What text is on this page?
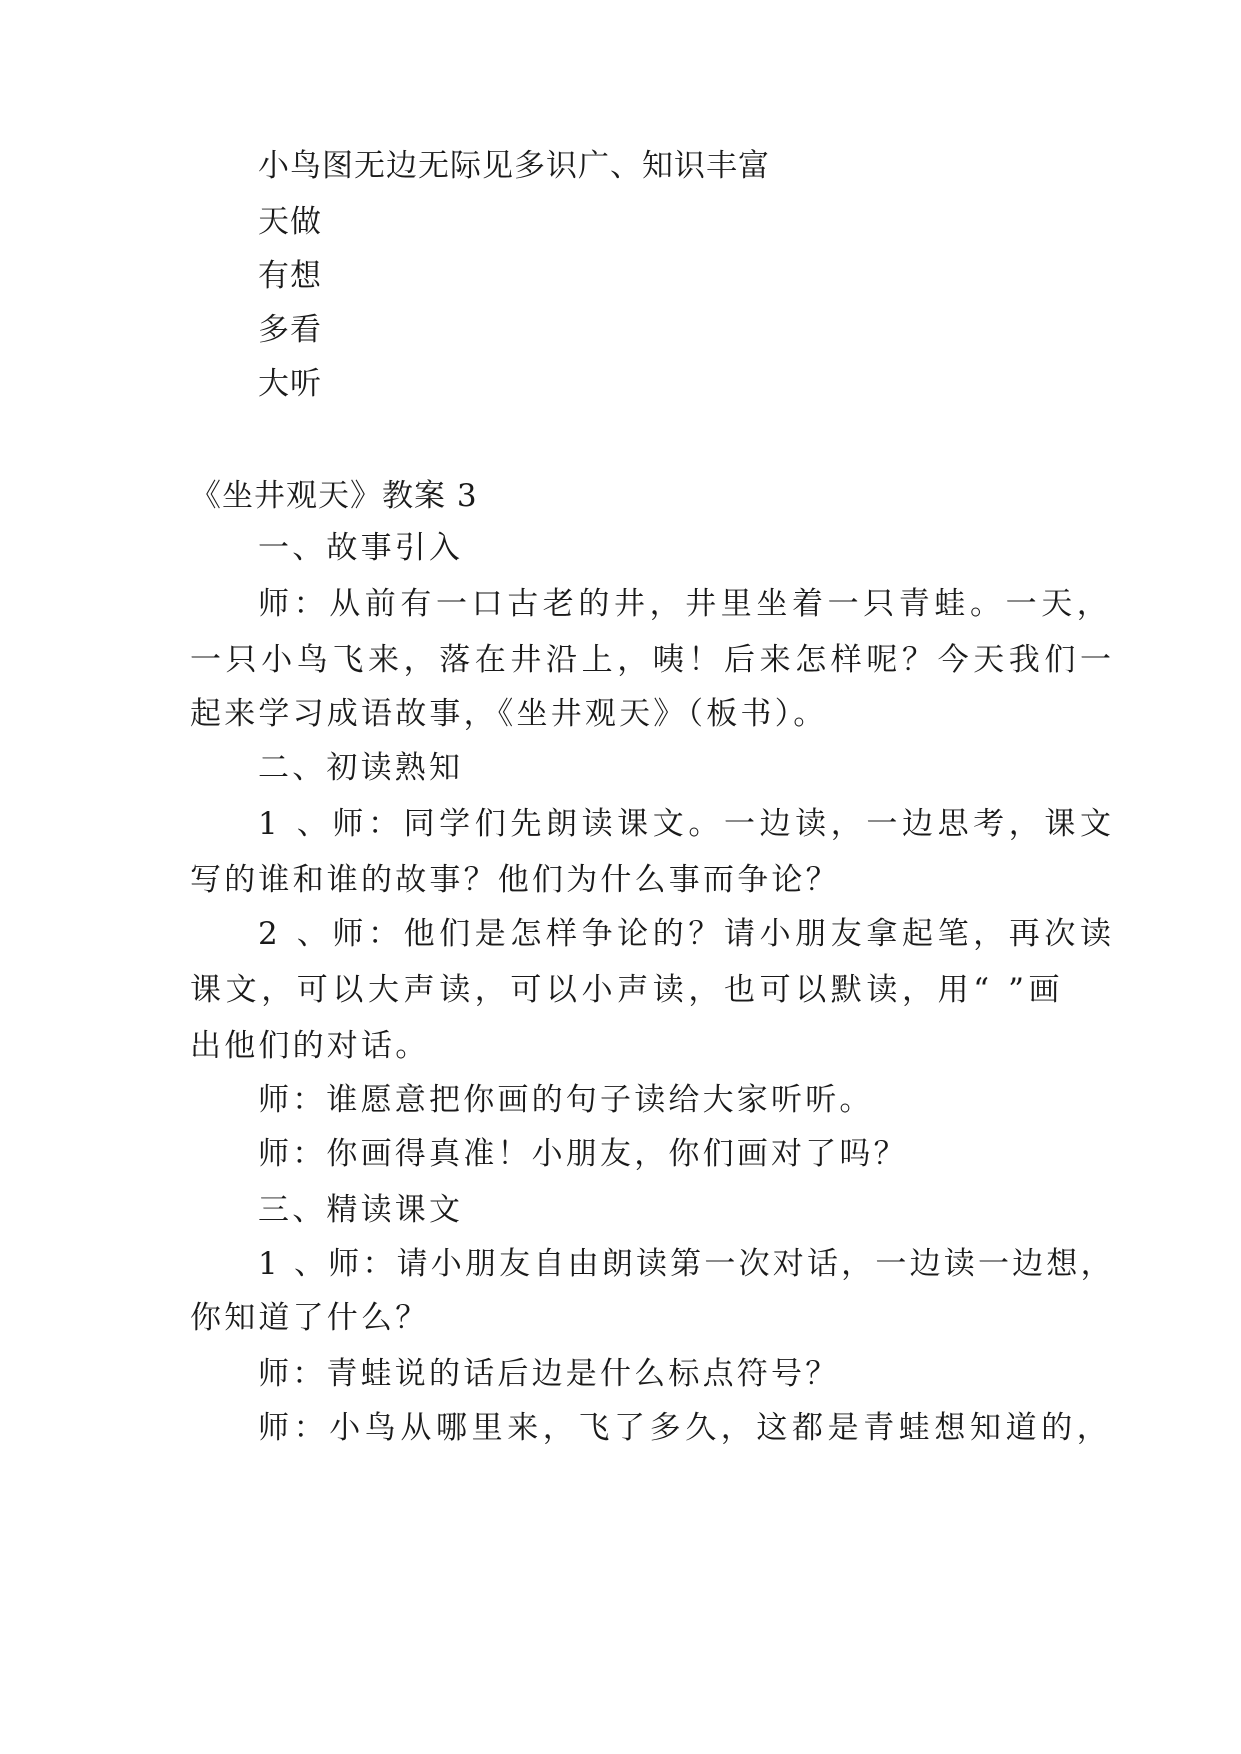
小鸟图无边无际见多识广、知识丰富
天做
有想
多看
大听
《坐井观天》教案 3
一、故事引入
师：从前有一口古老的井，井里坐着一只青蛙。一天，
一只小鸟飞来，落在井沿上，咦！后来怎样呢？今天我们一
起来学习成语故事，《坐井观天》（板书）。
二、初读熟知
1 、师：同学们先朗读课文。一边读，一边思考，课文
写的谁和谁的故事？他们为什么事而争论？
2 、师：他们是怎样争论的？请小朋友拿起笔，再次读
课文，可以大声读，可以小声读，也可以默读，用“ ”画
出他们的对话。
师：谁愿意把你画的句子读给大家听听。
师：你画得真准！小朋友，你们画对了吗？
三、精读课文
1 、师：请小朋友自由朗读第一次对话，一边读一边想，
你知道了什么？
师：青蛙说的话后边是什么标点符号？
师：小鸟从哪里来，飞了多久，这都是青蛙想知道的，
